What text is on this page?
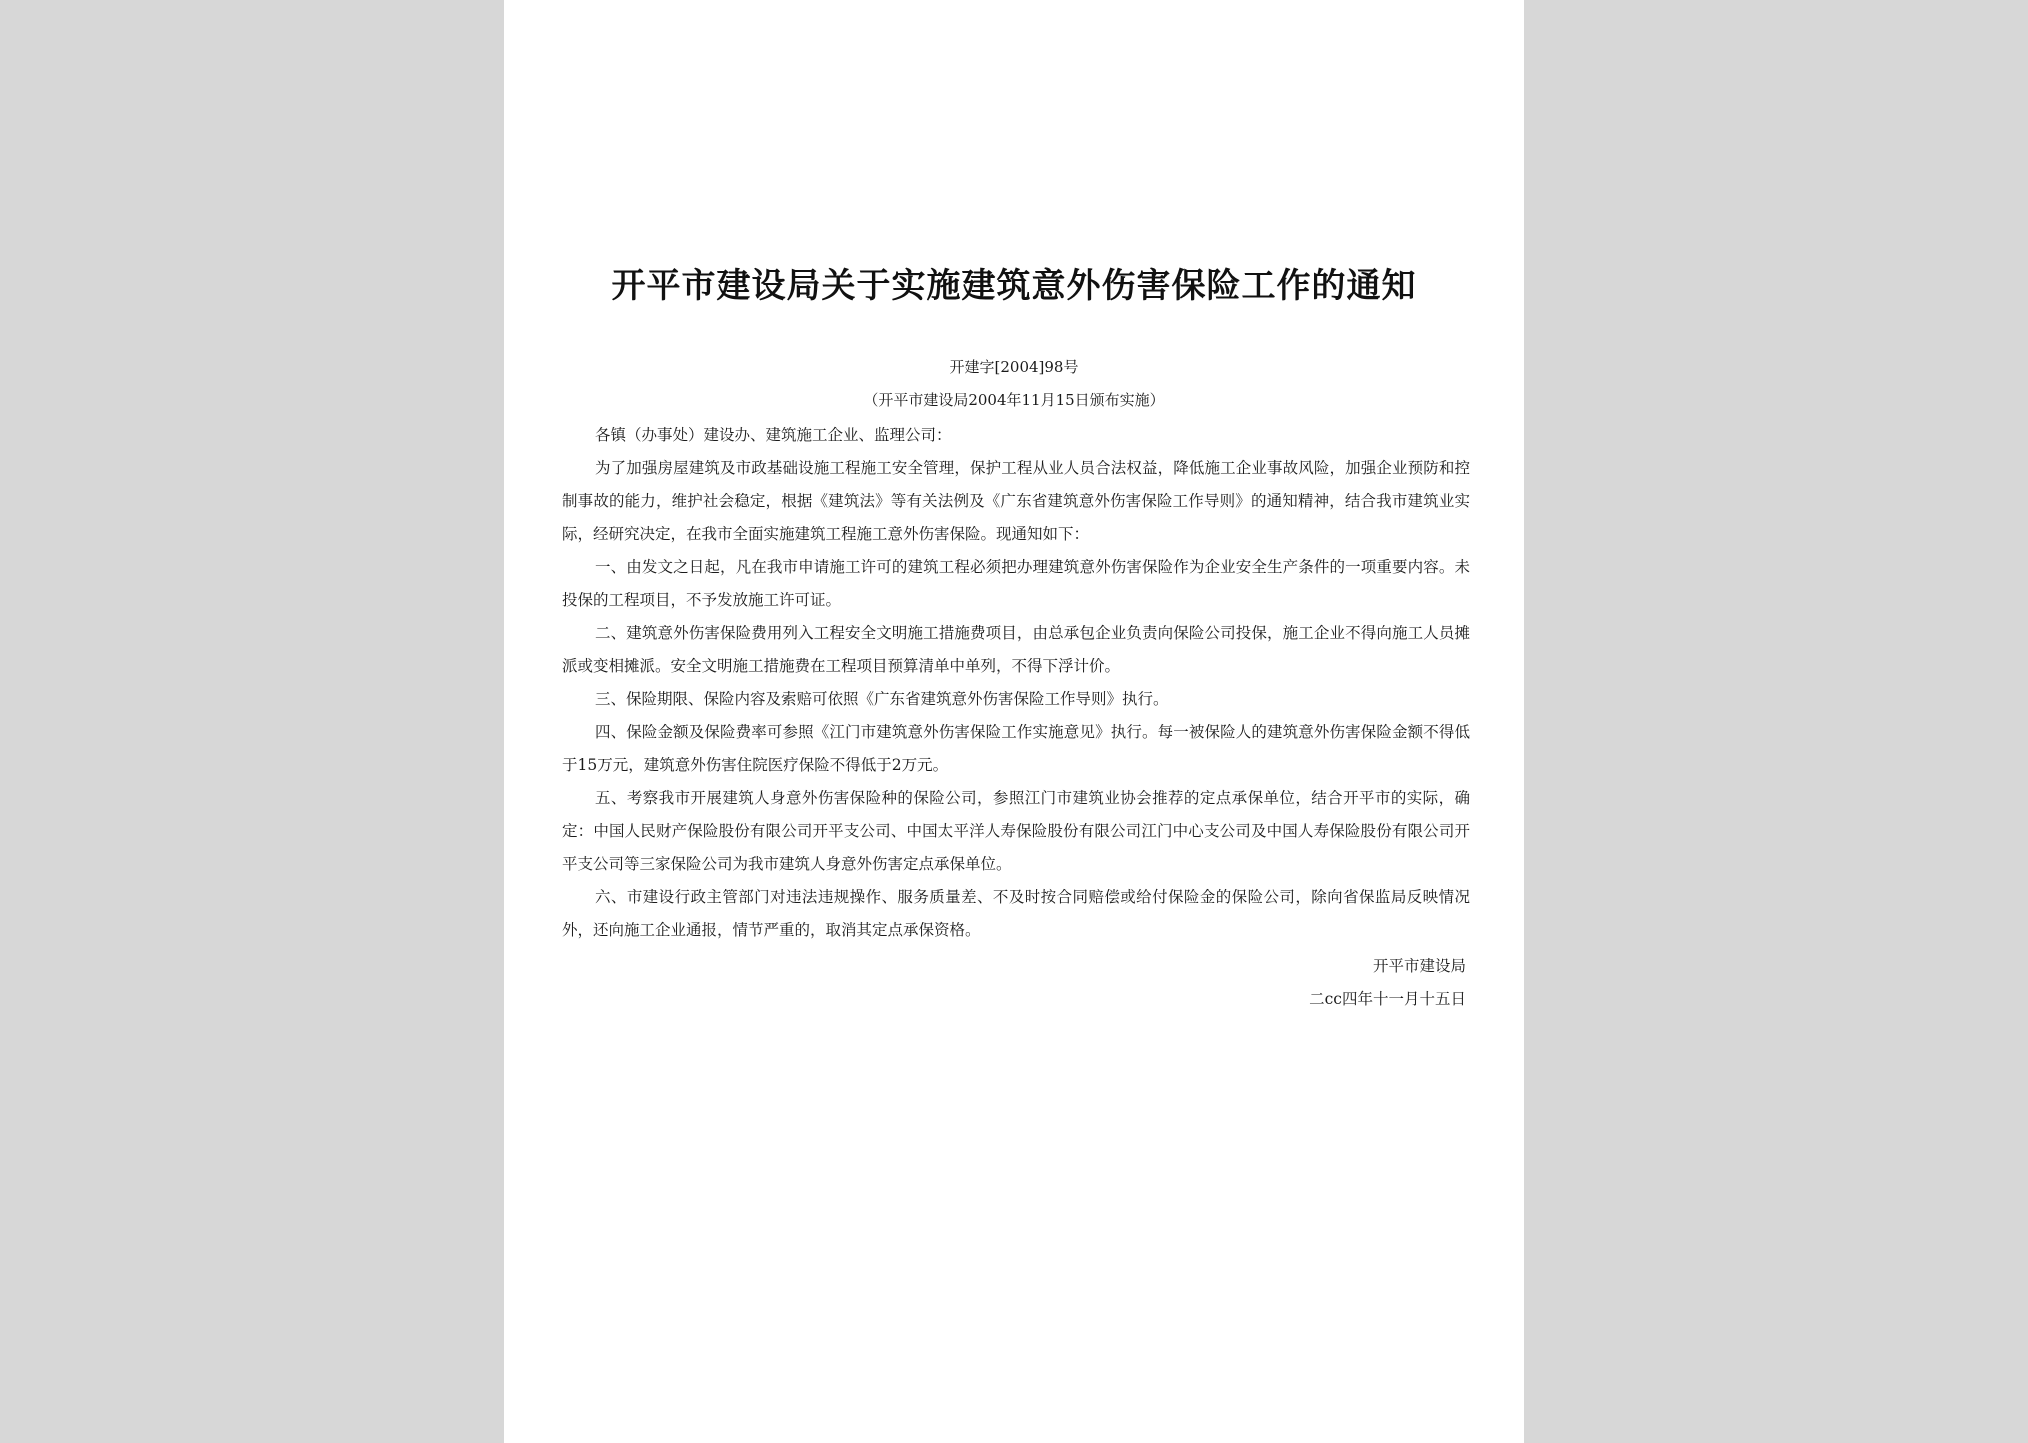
开平市建设局关于实施建筑意外伤害保险工作的通知
开建字[2004]98号
（开平市建设局2004年11月15日颁布实施）

各镇（办事处）建设办、建筑施工企业、监理公司：

为了加强房屋建筑及市政基础设施工程施工安全管理，保护工程从业人员合法权益，降低施工企业事故风险，加强企业预防和控制事故的能力，维护社会稳定，根据《建筑法》等有关法例及《广东省建筑意外伤害保险工作导则》的通知精神，结合我市建筑业实际，经研究决定，在我市全面实施建筑工程施工意外伤害保险。现通知如下：

一、由发文之日起，凡在我市申请施工许可的建筑工程必须把办理建筑意外伤害保险作为企业安全生产条件的一项重要内容。未投保的工程项目，不予发放施工许可证。

二、建筑意外伤害保险费用列入工程安全文明施工措施费项目，由总承包企业负责向保险公司投保，施工企业不得向施工人员摊派或变相摊派。安全文明施工措施费在工程项目预算清单中单列，不得下浮计价。

三、保险期限、保险内容及索赔可依照《广东省建筑意外伤害保险工作导则》执行。

四、保险金额及保险费率可参照《江门市建筑意外伤害保险工作实施意见》执行。每一被保险人的建筑意外伤害保险金额不得低于15万元，建筑意外伤害住院医疗保险不得低于2万元。

五、考察我市开展建筑人身意外伤害保险种的保险公司，参照江门市建筑业协会推荐的定点承保单位，结合开平市的实际，确定：中国人民财产保险股份有限公司开平支公司、中国太平洋人寿保险股份有限公司江门中心支公司及中国人寿保险股份有限公司开平支公司等三家保险公司为我市建筑人身意外伤害定点承保单位。

六、市建设行政主管部门对违法违规操作、服务质量差、不及时按合同赔偿或给付保险金的保险公司，除向省保监局反映情况外，还向施工企业通报，情节严重的，取消其定点承保资格。

开平市建设局
二cc四年十一月十五日
